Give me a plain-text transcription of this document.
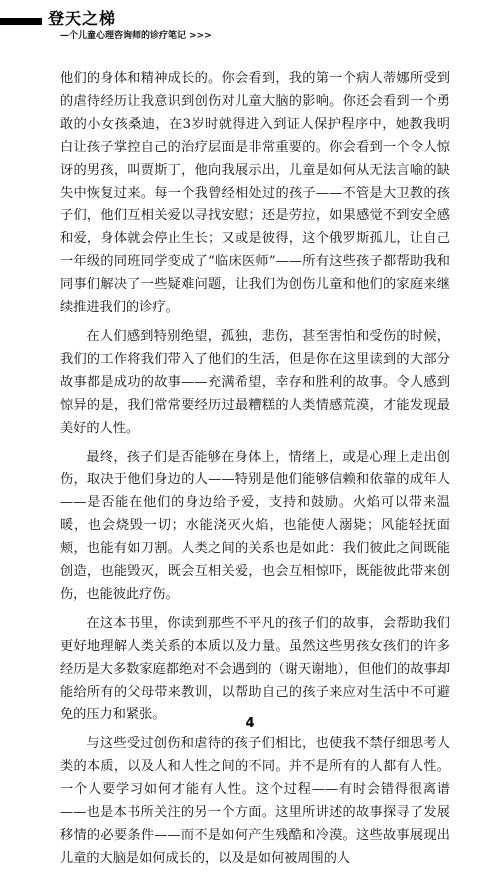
登天之梯
—个儿童心理咨询师的诊疗笔记 >>>

他们的身体和精神成长的。你会看到，我的第一个病人蒂娜所受到的虐待经历让我意识到创伤对儿童大脑的影响。你还会看到一个勇敢的小女孩桑迪，在3岁时就得进入到证人保护程序中，她教我明白让孩子掌控自己的治疗层面是非常重要的。你会看到一个令人惊讶的男孩，叫贾斯丁，他向我展示出，儿童是如何从无法言喻的缺失中恢复过来。每一个我曾经相处过的孩子——不管是大卫教的孩子们，他们互相关爱以寻找安慰；还是劳拉，如果感觉不到安全感和爱，身体就会停止生长；又或是彼得，这个俄罗斯孤儿，让自己一年级的同班同学变成了“临床医师”——所有这些孩子都帮助我和同事们解决了一些疑难问题，让我们为创伤儿童和他们的家庭来继续推进我们的诊疗。

在人们感到特别绝望，孤独，悲伤，甚至害怕和受伤的时候，我们的工作将我们带入了他们的生活，但是你在这里读到的大部分故事都是成功的故事——充满希望，幸存和胜利的故事。令人感到惊异的是，我们常常要经历过最糟糕的人类情感荒漠，才能发现最美好的人性。

最终，孩子们是否能够在身体上，情绪上，或是心理上走出创伤，取决于他们身边的人——特别是他们能够信赖和依靠的成年人——是否能在他们的身边给予爱，支持和鼓励。火焰可以带来温暖，也会烧毁一切；水能浇灭火焰，也能使人溺毙；风能轻抚面颊，也能有如刀割。人类之间的关系也是如此：我们彼此之间既能创造，也能毁灭，既会互相关爱，也会互相惊吓，既能彼此带来创伤，也能彼此疗伤。

在这本书里，你读到那些不平凡的孩子们的故事，会帮助我们更好地理解人类关系的本质以及力量。虽然这些男孩女孩们的许多经历是大多数家庭都绝对不会遇到的（谢天谢地），但他们的故事却能给所有的父母带来教训，以帮助自己的孩子来应对生活中不可避免的压力和紧张。

与这些受过创伤和虐待的孩子们相比，也使我不禁仔细思考人类的本质，以及人和人性之间的不同。并不是所有的人都有人性。一个人要学习如何才能有人性。这个过程——有时会错得很离谱——也是本书所关注的另一个方面。这里所讲述的故事探寻了发展移情的必要条件——而不是如何产生残酷和冷漠。这些故事展现出儿童的大脑是如何成长的，以及是如何被周围的人

4
